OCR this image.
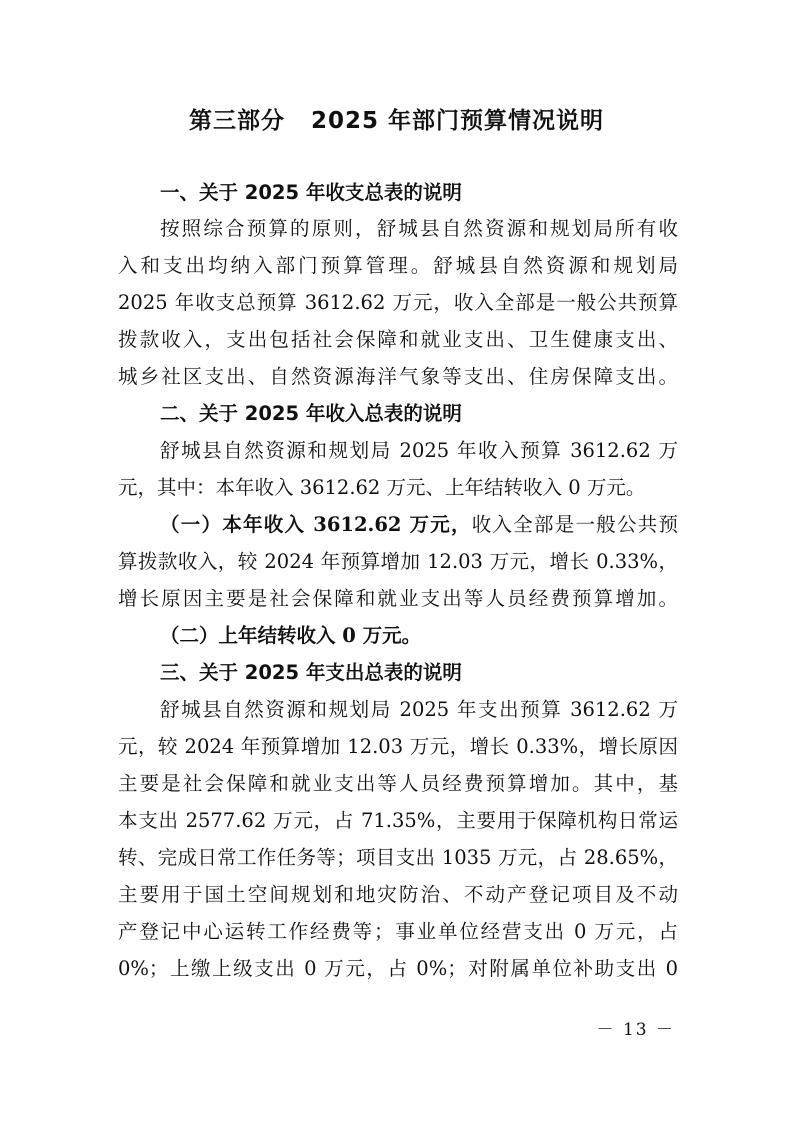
第三部分 2025 年部门预算情况说明
一、关于 2025 年收支总表的说明
按照综合预算的原则，舒城县自然资源和规划局所有收
入和支出均纳入部门预算管理。舒城县自然资源和规划局
2025 年收支总预算 3612.62 万元，收入全部是一般公共预算
拨款收入，支出包括社会保障和就业支出、卫生健康支出、
城乡社区支出、自然资源海洋气象等支出、住房保障支出。
二、关于 2025 年收入总表的说明
舒城县自然资源和规划局 2025 年收入预算 3612.62 万
元，其中：本年收入 3612.62 万元、上年结转收入 0 万元。
（一）本年收入 3612.62 万元，收入全部是一般公共预
算拨款收入，较 2024 年预算增加 12.03 万元，增长 0.33%，
增长原因主要是社会保障和就业支出等人员经费预算增加。
（二）上年结转收入 0 万元。
三、关于 2025 年支出总表的说明
舒城县自然资源和规划局 2025 年支出预算 3612.62 万
元，较 2024 年预算增加 12.03 万元，增长 0.33%，增长原因
主要是社会保障和就业支出等人员经费预算增加。其中，基
本支出 2577.62 万元，占 71.35%，主要用于保障机构日常运
转、完成日常工作任务等；项目支出 1035 万元，占 28.65%，
主要用于国土空间规划和地灾防治、不动产登记项目及不动
产登记中心运转工作经费等；事业单位经营支出 0 万元，占
0%；上缴上级支出 0 万元，占 0%；对附属单位补助支出 0
－ 13 －
